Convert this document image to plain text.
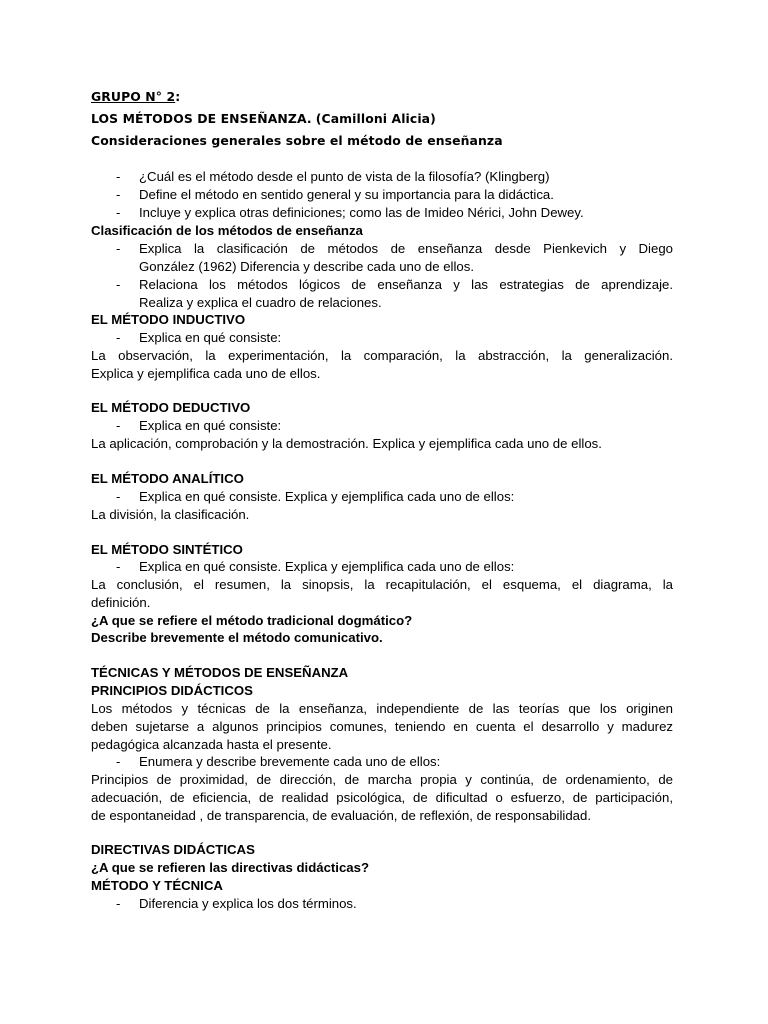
GRUPO N° 2:
LOS MÉTODOS DE ENSEÑANZA. (Camilloni Alicia)
Consideraciones generales sobre el método de enseñanza
- ¿Cuál es el método desde el punto de vista de la filosofía? (Klingberg)
- Define el método en sentido general y su importancia para la didáctica.
- Incluye y explica otras definiciones; como las de Imideo Nérici, John Dewey.
Clasificación de los métodos de enseñanza
- Explica la clasificación de métodos de enseñanza desde Pienkevich y Diego
González (1962) Diferencia y describe cada uno de ellos.
- Relaciona los métodos lógicos de enseñanza y las estrategias de aprendizaje.
Realiza y explica el cuadro de relaciones.
EL MÉTODO INDUCTIVO
- Explica en qué consiste:
La observación, la experimentación, la comparación, la abstracción, la generalización.
Explica y ejemplifica cada uno de ellos.
EL MÉTODO DEDUCTIVO
- Explica en qué consiste:
La aplicación, comprobación y la demostración. Explica y ejemplifica cada uno de ellos.
EL MÉTODO ANALÍTICO
- Explica en qué consiste. Explica y ejemplifica cada uno de ellos:
La división, la clasificación.
EL MÉTODO SINTÉTICO
- Explica en qué consiste. Explica y ejemplifica cada uno de ellos:
La conclusión, el resumen, la sinopsis, la recapitulación, el esquema, el diagrama, la
definición.
¿A que se refiere el método tradicional dogmático?
Describe brevemente el método comunicativo.
TÉCNICAS Y MÉTODOS DE ENSEÑANZA
PRINCIPIOS DIDÁCTICOS
Los métodos y técnicas de la enseñanza, independiente de las teorías que los originen
deben sujetarse a algunos principios comunes, teniendo en cuenta el desarrollo y madurez
pedagógica alcanzada hasta el presente.
- Enumera y describe brevemente cada uno de ellos:
Principios de proximidad, de dirección, de marcha propia y continúa, de ordenamiento, de
adecuación, de eficiencia, de realidad psicológica, de dificultad o esfuerzo, de participación,
de espontaneidad , de transparencia, de evaluación, de reflexión, de responsabilidad.
DIRECTIVAS DIDÁCTICAS
¿A que se refieren las directivas didácticas?
MÉTODO Y TÉCNICA
- Diferencia y explica los dos términos.
